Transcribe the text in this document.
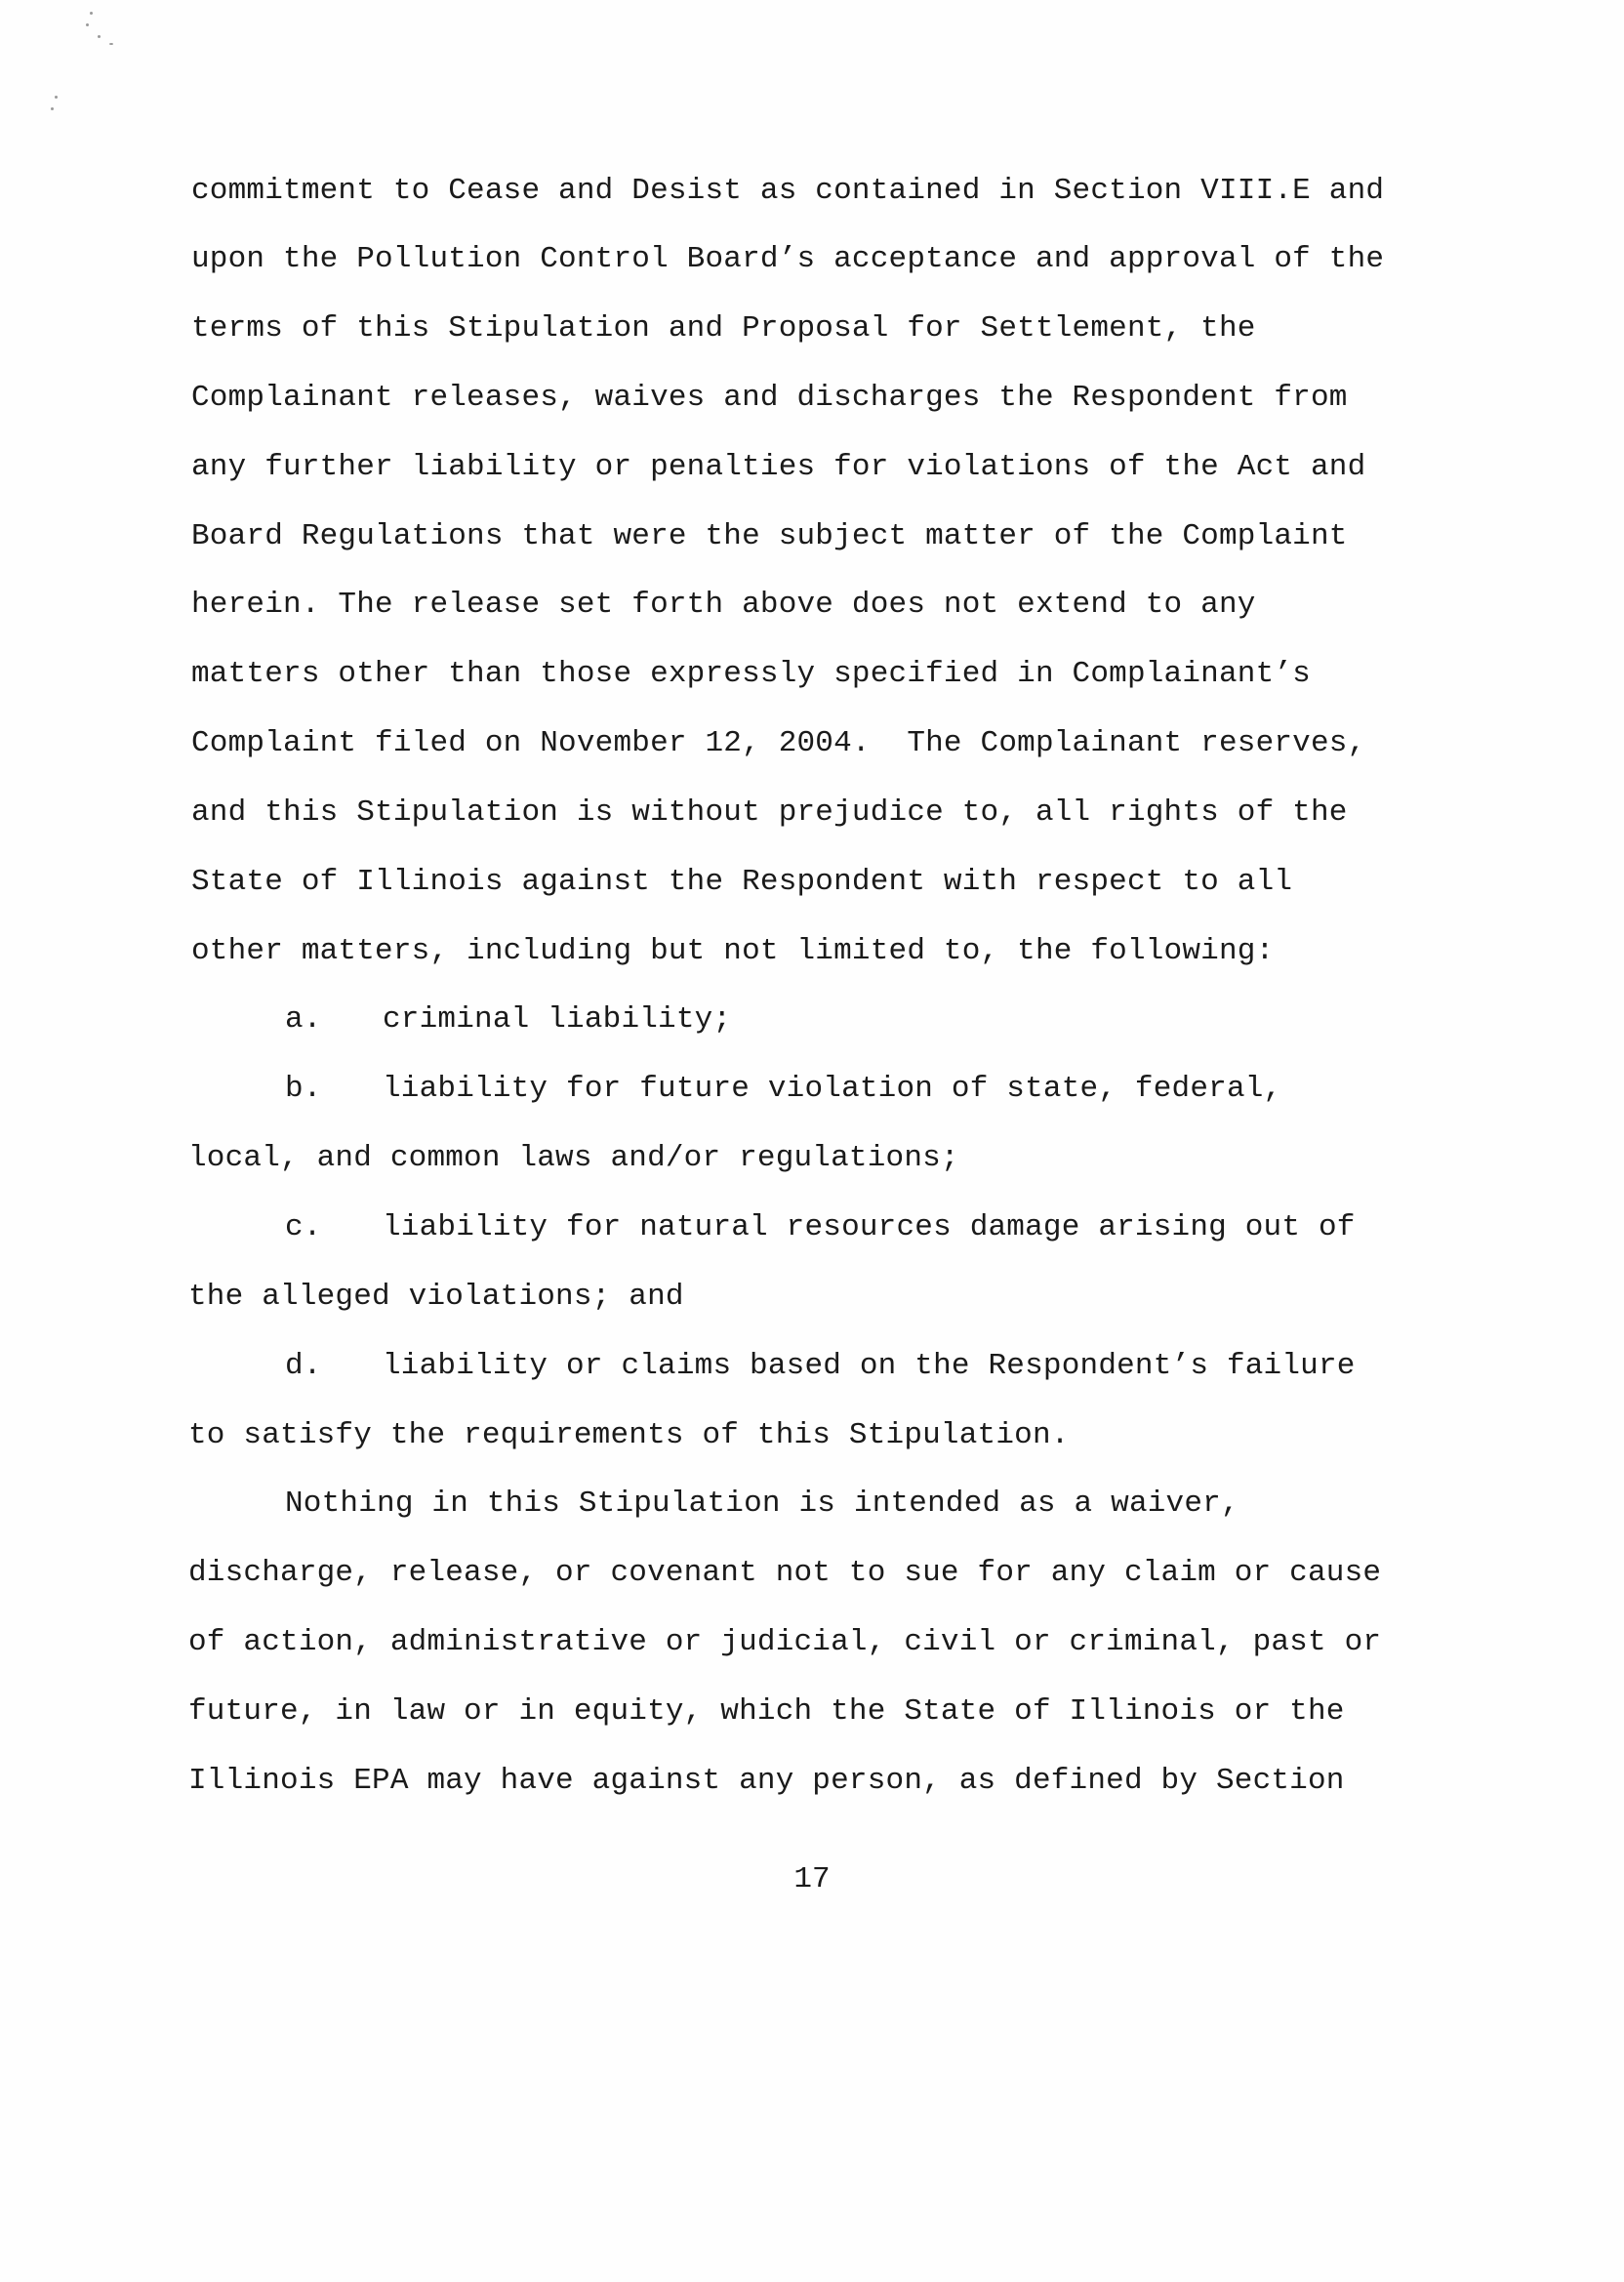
commitment to Cease and Desist as contained in Section VIII.E and
upon the Pollution Control Board’s acceptance and approval of the
terms of this Stipulation and Proposal for Settlement, the
Complainant releases, waives and discharges the Respondent from
any further liability or penalties for violations of the Act and
Board Regulations that were the subject matter of the Complaint
herein. The release set forth above does not extend to any
matters other than those expressly specified in Complainant’s
Complaint filed on November 12, 2004.  The Complainant reserves,
and this Stipulation is without prejudice to, all rights of the
State of Illinois against the Respondent with respect to all
other matters, including but not limited to, the following:
a. criminal liability;
b. liability for future violation of state, federal,
local, and common laws and/or regulations;
c. liability for natural resources damage arising out of
the alleged violations; and
d. liability or claims based on the Respondent’s failure
to satisfy the requirements of this Stipulation.
Nothing in this Stipulation is intended as a waiver,
discharge, release, or covenant not to sue for any claim or cause
of action, administrative or judicial, civil or criminal, past or
future, in law or in equity, which the State of Illinois or the
Illinois EPA may have against any person, as defined by Section
17
